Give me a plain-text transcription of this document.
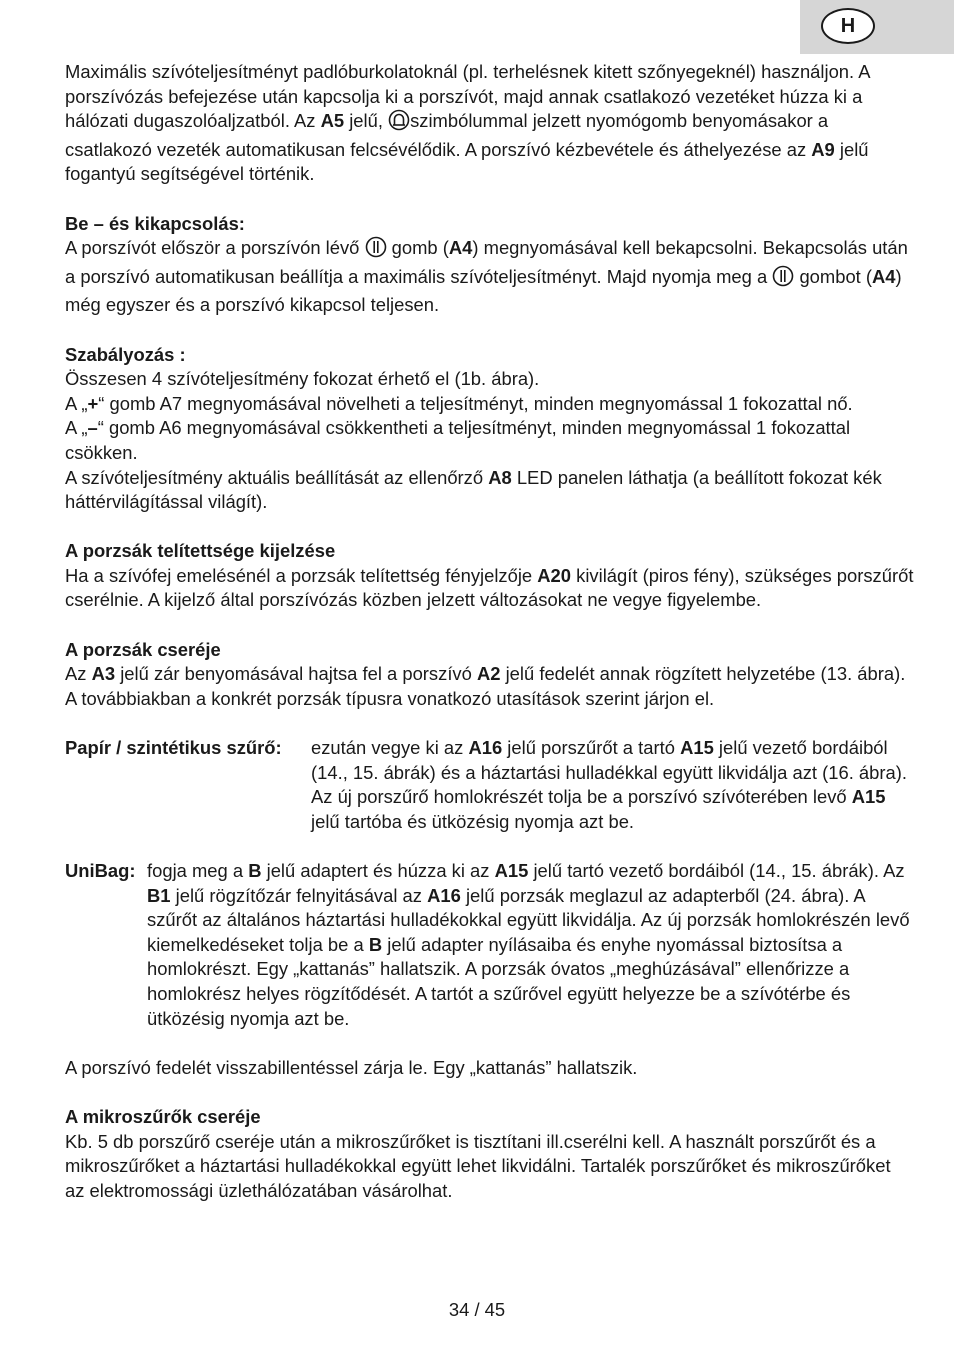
H

Maximális szívóteljesítményt padlóburkolatoknál (pl. terhelésnek kitett szőnyegeknél) használjon. A porszívózás befejezése után kapcsolja ki a porszívót, majd annak csatlakozó vezetéket húzza ki a hálózati dugaszolóaljzatból. Az A5 jelű, szimbólummal jelzett nyomógomb benyomásakor a csatlakozó vezeték automatikusan felcsévélődik. A porszívó kézbevétele és áthelyezése az A9 jelű fogantyú segítségével történik.

Be – és kikapcsolás:

A porszívót először a porszívón lévő  gomb (A4) megnyomásával kell bekapcsolni. Bekapcsolás után a porszívó automatikusan beállítja a maximális szívóteljesítményt. Majd nyomja meg a  gombot (A4) még egyszer és a porszívó kikapcsol teljesen.

Szabályozás :

Összesen 4 szívóteljesítmény fokozat érhető el (1b. ábra).

A „+“ gomb A7 megnyomásával növelheti a teljesítményt, minden megnyomással 1 fokozattal nő.

A „–“ gomb A6 megnyomásával csökkentheti a teljesítményt, minden megnyomással 1 fokozattal csökken.

A szívóteljesítmény aktuális beállítását az ellenőrző A8 LED panelen láthatja (a beállított fokozat kék háttérvilágítással világít).

A porzsák telítettsége kijelzése

Ha a szívófej emelésénél a porzsák telítettség fényjelzője A20 kivilágít (piros fény), szükséges porszűrőt cserélnie. A kijelző által porszívózás közben jelzett változásokat ne vegye figyelembe.

A porzsák cseréje

Az A3 jelű zár benyomásával hajtsa fel a porszívó A2 jelű fedelét annak rögzített helyzetébe (13. ábra). A továbbiakban a konkrét porzsák típusra vonatkozó utasítások szerint járjon el.

Papír / szintétikus szűrő:	ezután vegye ki az A16 jelű porszűrőt a tartó A15 jelű vezető bordáiból (14., 15. ábrák) és a háztartási hulladékkal együtt likvidálja azt (16. ábra). Az új porszűrő homlokrészét tolja be a porszívó szívóterében levő A15 jelű tartóba és ütközésig nyomja azt be.
UniBag: fogja meg a B jelű adaptert és húzza ki az A15 jelű tartó vezető bordáiból (14., 15. ábrák). Az B1 jelű rögzítőzár felnyitásával az A16 jelű porzsák meglazul az adapterből (24. ábra). A szűrőt az általános háztartási hulladékokkal együtt likvidálja. Az új porzsák homlokrészén levő kiemelkedéseket tolja be a B jelű adapter nyílásaiba és enyhe nyomással biztosítsa a homlokrészt. Egy „kattanás” hallatszik. A porzsák óvatos „meghúzásával” ellenőrizze a homlokrész helyes rögzítődését. A tartót a szűrővel együtt helyezze be a szívótérbe és ütközésig nyomja azt be.

A porszívó fedelét visszabillentéssel zárja le. Egy „kattanás” hallatszik.

A mikroszűrők cseréje

Kb. 5 db porszűrő cseréje után a mikroszűrőket is tisztítani ill.cserélni kell. A használt porszűrőt és a mikroszűrőket a háztartási hulladékokkal együtt lehet likvidálni. Tartalék porszűrőket és mikroszűrőket az elektromossági üzlethálózatában vásárolhat.

34 / 45
